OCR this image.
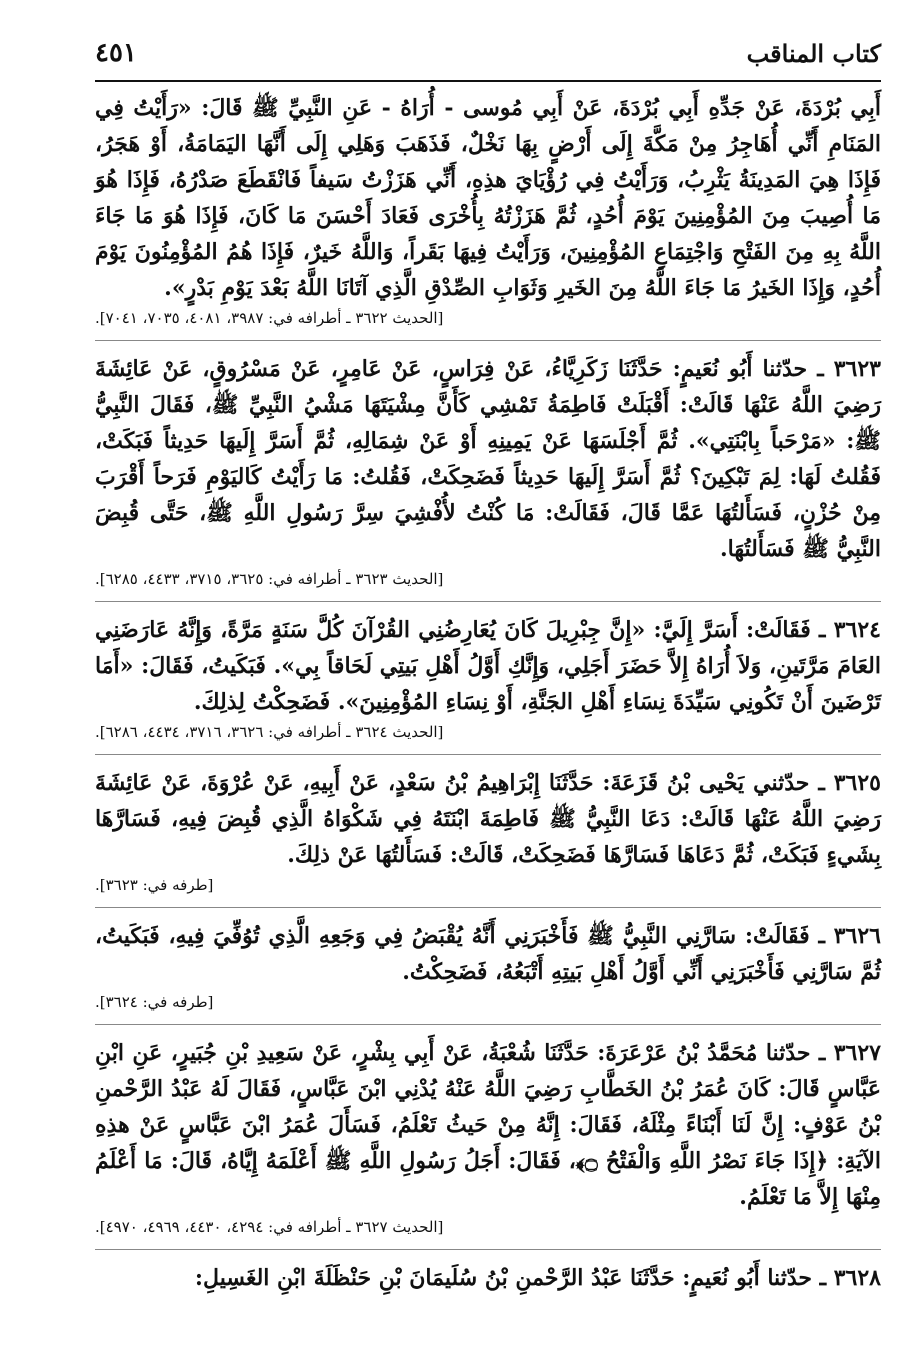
كتاب المناقب
٤٥١

أَبِي بُرْدَةَ، عَنْ جَدِّهِ أَبِي بُرْدَةَ، عَنْ أَبِي مُوسى - أُرَاهُ - عَنِ النَّبِيِّ ﷺ قَالَ: «رَأَيْتُ فِي المَنَامِ أَنِّي أُهَاجِرُ مِنْ مَكَّةَ إِلَى أَرْضٍ بِهَا نَخْلٌ، فَذَهَبَ وَهَلِي إِلَى أَنَّهَا اليَمَامَةُ، أَوْ هَجَرُ، فَإِذَا هِيَ المَدِينَةُ يَثْرِبُ، وَرَأَيْتُ فِي رُؤْيَايَ هذِهِ، أَنِّي هَزَزْتُ سَيفاً فَانْقَطَعَ صَدْرُهُ، فَإِذَا هُوَ مَا أُصِيبَ مِنَ المُؤْمِنِينَ يَوْمَ أُحُدٍ، ثُمَّ هَزَزْتُهُ بِأُخْرَى فَعَادَ أَحْسَنَ مَا كَانَ، فَإِذَا هُوَ مَا جَاءَ اللَّهُ بِهِ مِنَ الفَتْحِ وَاجْتِمَاعِ المُؤْمِنِينَ، وَرَأَيْتُ فِيهَا بَقَراً، وَاللَّهُ خَيرٌ، فَإِذَا هُمُ المُؤْمِنُونَ يَوْمَ أُحُدٍ، وَإِذَا الخَيرُ مَا جَاءَ اللَّهُ مِنَ الخَيرِ وَثَوَابِ الصِّدْقِ الَّذِي آتَانَا اللَّهُ بَعْدَ يَوْمِ بَدْرٍ».

[الحديث ٣٦٢٢ ـ أطرافه في: ٣٩٨٧، ٤٠٨١، ٧٠٣٥، ٧٠٤١].

٣٦٢٣ ـ حدّثنا أَبُو نُعَيمٍ: حَدَّثَنَا زَكَرِيَّاءُ، عَنْ فِرَاسٍ، عَنْ عَامِرٍ، عَنْ مَسْرُوقٍ، عَنْ عَائِشَةَ رَضِيَ اللَّهُ عَنْهَا قَالَتْ: أَقْبَلَتْ فَاطِمَةُ تَمْشِي كَأَنَّ مِشْيَتَهَا مَشْيُ النَّبِيِّ ﷺ، فَقَالَ النَّبِيُّ ﷺ: «مَرْحَباً بِابْنَتِي». ثُمَّ أَجْلَسَهَا عَنْ يَمِينِهِ أَوْ عَنْ شِمَالِهِ، ثُمَّ أَسَرَّ إِلَيهَا حَدِيثاً فَبَكَتْ، فَقُلتُ لَهَا: لِمَ تَبْكِينَ؟ ثُمَّ أَسَرَّ إِلَيهَا حَدِيثاً فَضَحِكَتْ، فَقُلتُ: مَا رَأَيْتُ كَاليَوْمِ فَرَحاً أَقْرَبَ مِنْ حُزْنٍ، فَسَأَلتُهَا عَمَّا قَالَ، فَقَالَتْ: مَا كُنْتُ لأُفْشِيَ سِرَّ رَسُولِ اللَّهِ ﷺ، حَتَّى قُبِضَ النَّبِيُّ ﷺ فَسَأَلتُهَا.

[الحديث ٣٦٢٣ ـ أطرافه في: ٣٦٢٥، ٣٧١٥، ٤٤٣٣، ٦٢٨٥].

٣٦٢٤ ـ فَقَالَتْ: أَسَرَّ إِلَيَّ: «إِنَّ جِبْرِيلَ كَانَ يُعَارِضُنِي القُرْآنَ كُلَّ سَنَةٍ مَرَّةً، وَإِنَّهُ عَارَضَنِي العَامَ مَرَّتَينِ، وَلاَ أُرَاهُ إِلاَّ حَضَرَ أَجَلِي، وَإِنَّكِ أَوَّلُ أَهْلِ بَيتِي لَحَاقاً بِي». فَبَكَيتُ، فَقَالَ: «أَمَا تَرْضَينَ أَنْ تَكُونِي سَيِّدَةَ نِسَاءِ أَهْلِ الجَنَّةِ، أَوْ نِسَاءِ المُؤْمِنِينَ». فَضَحِكْتُ لِذلِكَ.

[الحديث ٣٦٢٤ ـ أطرافه في: ٣٦٢٦، ٣٧١٦، ٤٤٣٤، ٦٢٨٦].

٣٦٢٥ ـ حدّثني يَحْيى بْنُ قَزَعَةَ: حَدَّثَنَا إِبْرَاهِيمُ بْنُ سَعْدٍ، عَنْ أَبِيهِ، عَنْ عُرْوَةَ، عَنْ عَائِشَةَ رَضِيَ اللَّهُ عَنْهَا قَالَتْ: دَعَا النَّبِيُّ ﷺ فَاطِمَةَ ابْنَتَهُ فِي شَكْوَاهُ الَّذِي قُبِضَ فِيهِ، فَسَارَّهَا بِشَيءٍ فَبَكَتْ، ثُمَّ دَعَاهَا فَسَارَّهَا فَضَحِكَتْ، قَالَتْ: فَسَأَلتُهَا عَنْ ذلِكَ.

[طرفه في: ٣٦٢٣].

٣٦٢٦ ـ فَقَالَتْ: سَارَّنِي النَّبِيُّ ﷺ فَأَخْبَرَنِي أَنَّهُ يُقْبَضُ فِي وَجَعِهِ الَّذِي تُوُفِّيَ فِيهِ، فَبَكَيتُ، ثُمَّ سَارَّنِي فَأَخْبَرَنِي أَنِّي أَوَّلُ أَهْلِ بَيتِهِ أَتْبَعُهُ، فَضَحِكْتُ.

[طرفه في: ٣٦٢٤].

٣٦٢٧ ـ حدّثنا مُحَمَّدُ بْنُ عَرْعَرَةَ: حَدَّثَنَا شُعْبَةُ، عَنْ أَبِي بِشْرٍ، عَنْ سَعِيدِ بْنِ جُبَيرٍ، عَنِ ابْنِ عَبَّاسٍ قَالَ: كَانَ عُمَرُ بْنُ الخَطَّابِ رَضِيَ اللَّهُ عَنْهُ يُدْنِي ابْنَ عَبَّاسٍ، فَقَالَ لَهُ عَبْدُ الرَّحْمنِ بْنُ عَوْفٍ: إِنَّ لَنَا أَبْنَاءً مِثْلَهُ، فَقَالَ: إِنَّهُ مِنْ حَيثُ تَعْلَمُ، فَسَأَلَ عُمَرُ ابْنَ عَبَّاسٍ عَنْ هذِهِ الآيَةِ: ﴿إِذَا جَاءَ نَصْرُ اللَّهِ وَالْفَتْحُ ۝﴾، فَقَالَ: أَجَلُ رَسُولِ اللَّهِ ﷺ أَعْلَمَهُ إِيَّاهُ، قَالَ: مَا أَعْلَمُ مِنْهَا إِلاَّ مَا تَعْلَمُ.

[الحديث ٣٦٢٧ ـ أطرافه في: ٤٢٩٤، ٤٤٣٠، ٤٩٦٩، ٤٩٧٠].

٣٦٢٨ ـ حدّثنا أَبُو نُعَيمٍ: حَدَّثَنَا عَبْدُ الرَّحْمنِ بْنُ سُلَيمَانَ بْنِ حَنْظَلَةَ ابْنِ الغَسِيلِ:
